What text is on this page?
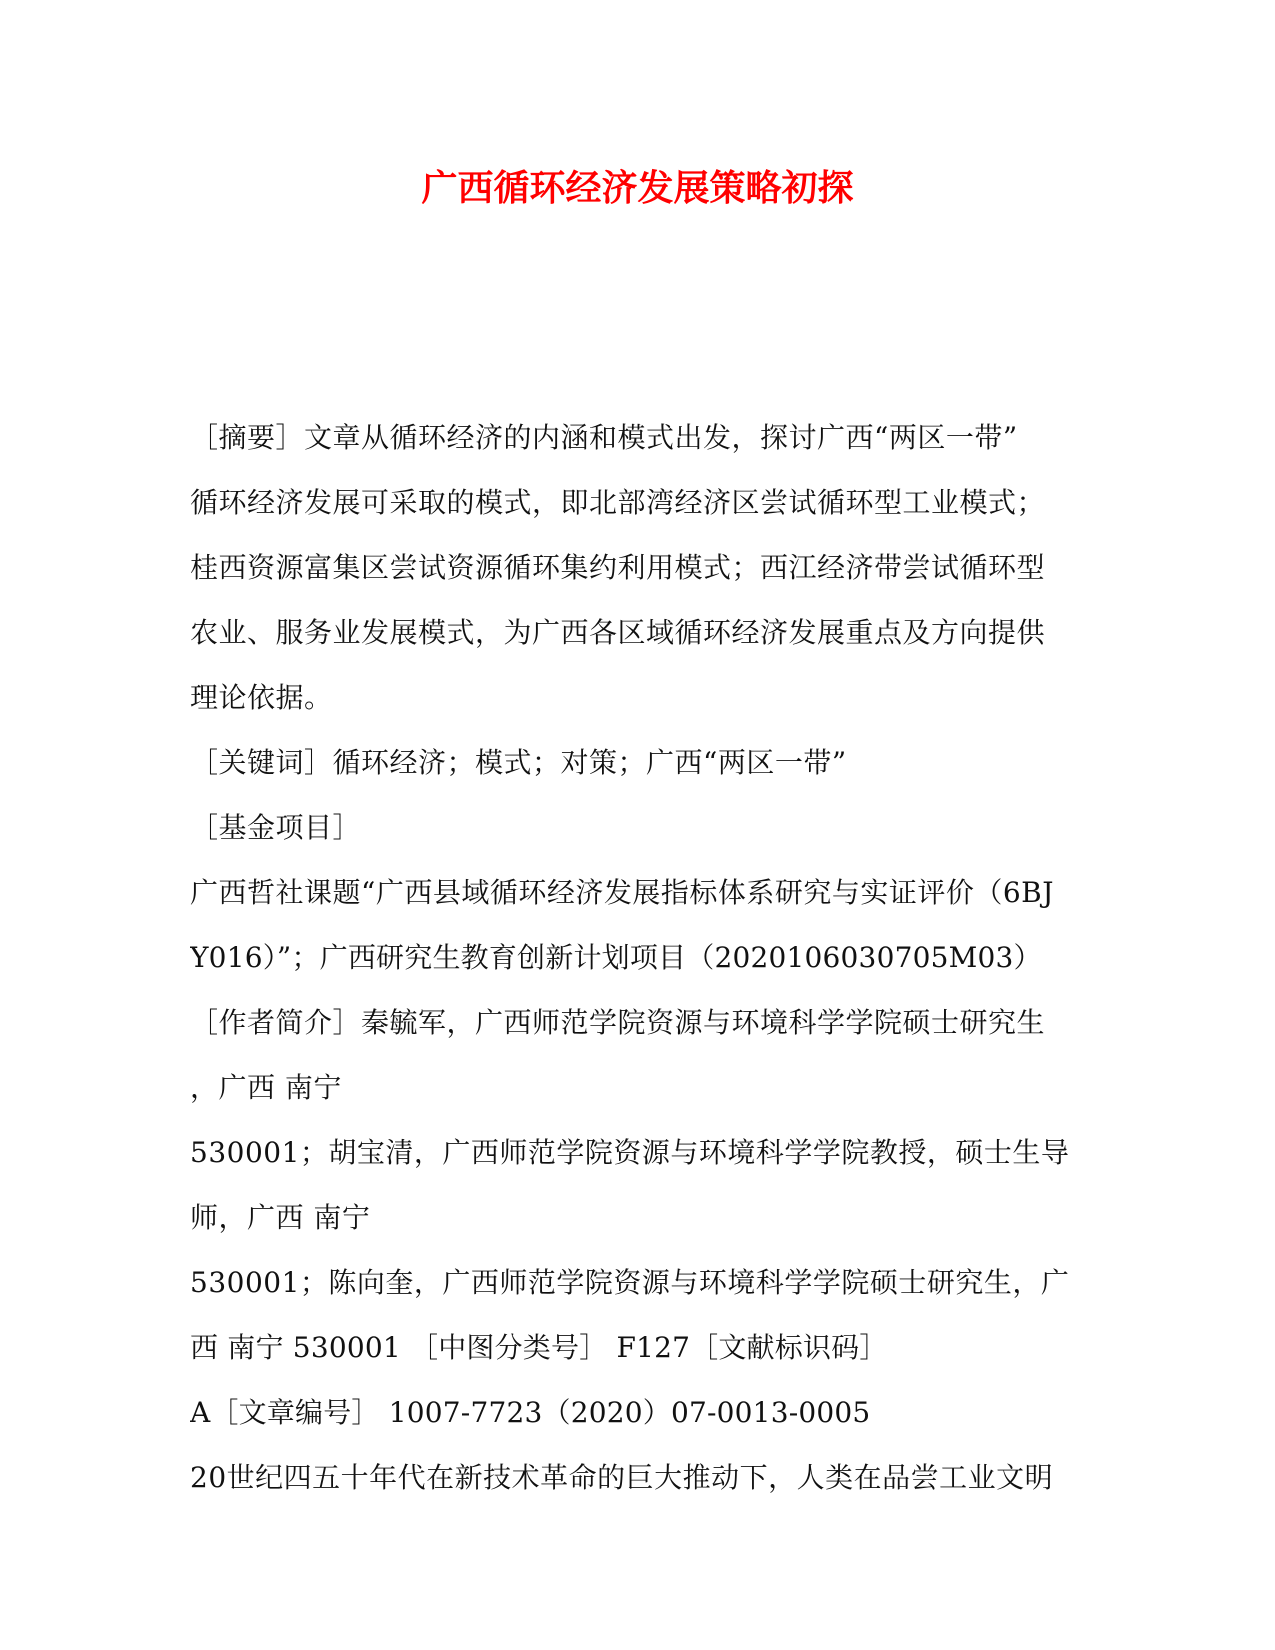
广西循环经济发展策略初探
［摘要］文章从循环经济的内涵和模式出发，探讨广西“两区一带”
循环经济发展可采取的模式，即北部湾经济区尝试循环型工业模式；
桂西资源富集区尝试资源循环集约利用模式；西江经济带尝试循环型
农业、服务业发展模式，为广西各区域循环经济发展重点及方向提供
理论依据。
［关键词］循环经济；模式；对策；广西“两区一带”
［基金项目］
广西哲社课题“广西县域循环经济发展指标体系研究与实证评价（6BJ
Y016）”；广西研究生教育创新计划项目（2020106030705M03）
［作者简介］秦毓军，广西师范学院资源与环境科学学院硕士研究生
，广西 南宁
530001；胡宝清，广西师范学院资源与环境科学学院教授，硕士生导
师，广西 南宁
530001；陈向奎，广西师范学院资源与环境科学学院硕士研究生，广
西 南宁 530001 ［中图分类号］ F127［文献标识码］
A［文章编号］ 1007-7723（2020）07-0013-0005
20世纪四五十年代在新技术革命的巨大推动下，人类在品尝工业文明
